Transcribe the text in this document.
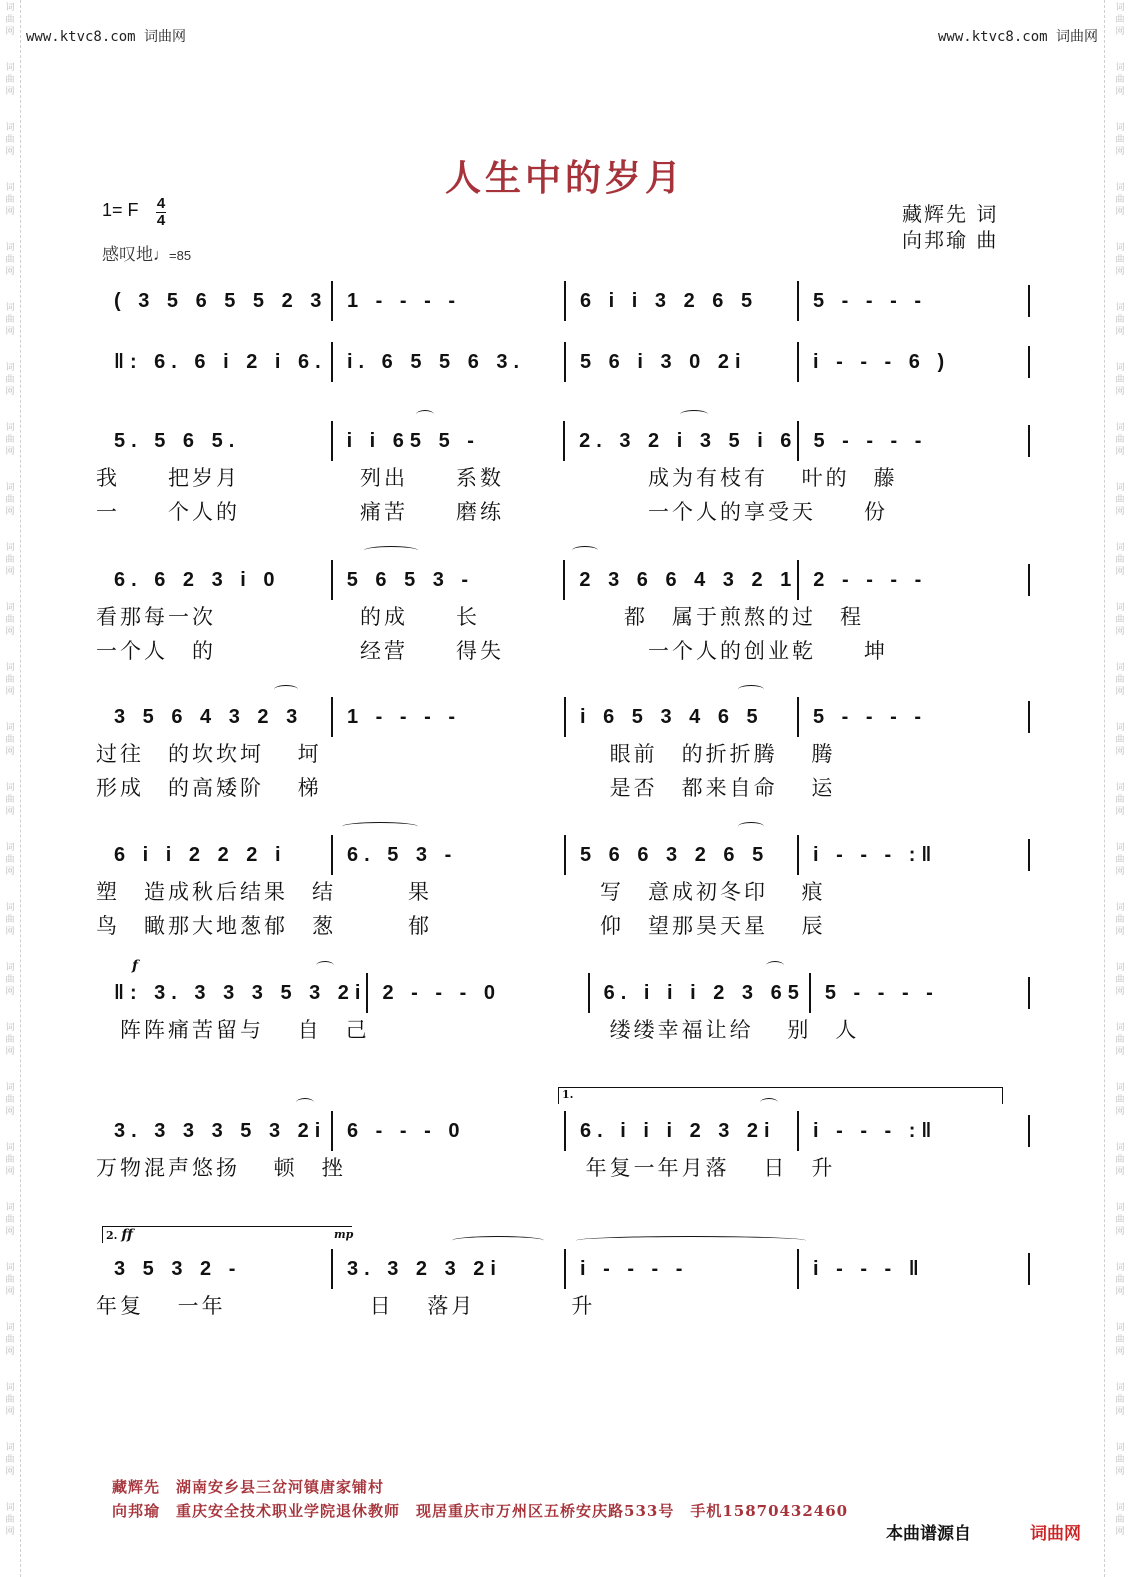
词曲网
词曲网
词曲网
词曲网
词曲网
词曲网
词曲网
词曲网
词曲网
词曲网
词曲网
词曲网
词曲网
词曲网
词曲网
词曲网
词曲网
词曲网
词曲网
词曲网
词曲网
词曲网
词曲网
词曲网
词曲网
词曲网
词曲网
词曲网
词曲网
词曲网
词曲网
词曲网
词曲网
词曲网
词曲网
词曲网
词曲网
词曲网
词曲网
词曲网
词曲网
词曲网
词曲网
词曲网
词曲网
词曲网
词曲网
词曲网
词曲网
词曲网
词曲网
词曲网
www.ktvc8.com 词曲网	www.ktvc8.com 词曲网
人生中的岁月
藏辉先 词
向邦瑜 曲
1= F 4
4
感叹地♩=85
( 3 5 6 5 5 2 3 1 - - - -	6 i i 3 2 6 5	5 - - - -
‖: 6. 6 i 2 i 6.	i. 6 5 5 6 3.	5 6 i 3 0 2i	i - - - 6 )
5. 5 6 5.	i i 65 5 -	2. 3 2 i 3 5 i 6 5 - - - -
我　　把岁月　　　　　列出　　系数　　　　　　成为有枝有　 叶的　藤
一　　个人的　　　　　痛苦　　磨练　　　　　　一个人的享受天　　份
6. 6 2 3 i 0	5 6 5 3 -	2 3 6 6 4 3 2 1 2 - - - -
看那每一次　　　　　　的成　　长　　　　　　都　属于煎熬的过　程
一个人　的　　　　　　经营　　得失　　　　　　一个人的创业乾　　坤
3 5 6 4 3 2 3	1 - - - -	i 6 5 3 4 6 5	5 - - - -
过往　的坎坎坷　 坷　　　　　　　　　　　　眼前　的折折腾　 腾
形成　的高矮阶　 梯　　　　　　　　　　　　是否　都来自命　 运
6 i i 2 2 2 i	6. 5 3 -	5 6 6 3 2 6 5	i - - - :‖
塑　造成秋后结果　结　　　果　　　　　　　写　意成初冬印　 痕
鸟　瞰那大地葱郁　葱　　　郁　　　　　　　仰　望那昊天星　 辰
‖: 3. 3 3 3 5 3 2i 2 - - - 0	6. i i i 2 3 65 5 - - - -
　阵阵痛苦留与　 自　己　　　　　　　　　　缕缕幸福让给　 别　人
3. 3 3 3 5 3 2i	6 - - - 0	6. i i i 2 3 2i	i - - - :‖
万物混声悠扬　 顿　挫　　　　　　　　　　年复一年月落　 日　升
3 5 3 2 -	3. 3 2 3 2i	i - - - -	i - - - ‖
年复　 一年　　　　　　日　 落月　　　　升
f
1.
2. ff	mp
藏辉先　湖南安乡县三岔河镇唐家铺村
向邦瑜　重庆安全技术职业学院退休教师　现居重庆市万州区五桥安庆路533号　手机15870432460
本曲谱源自	词曲网
